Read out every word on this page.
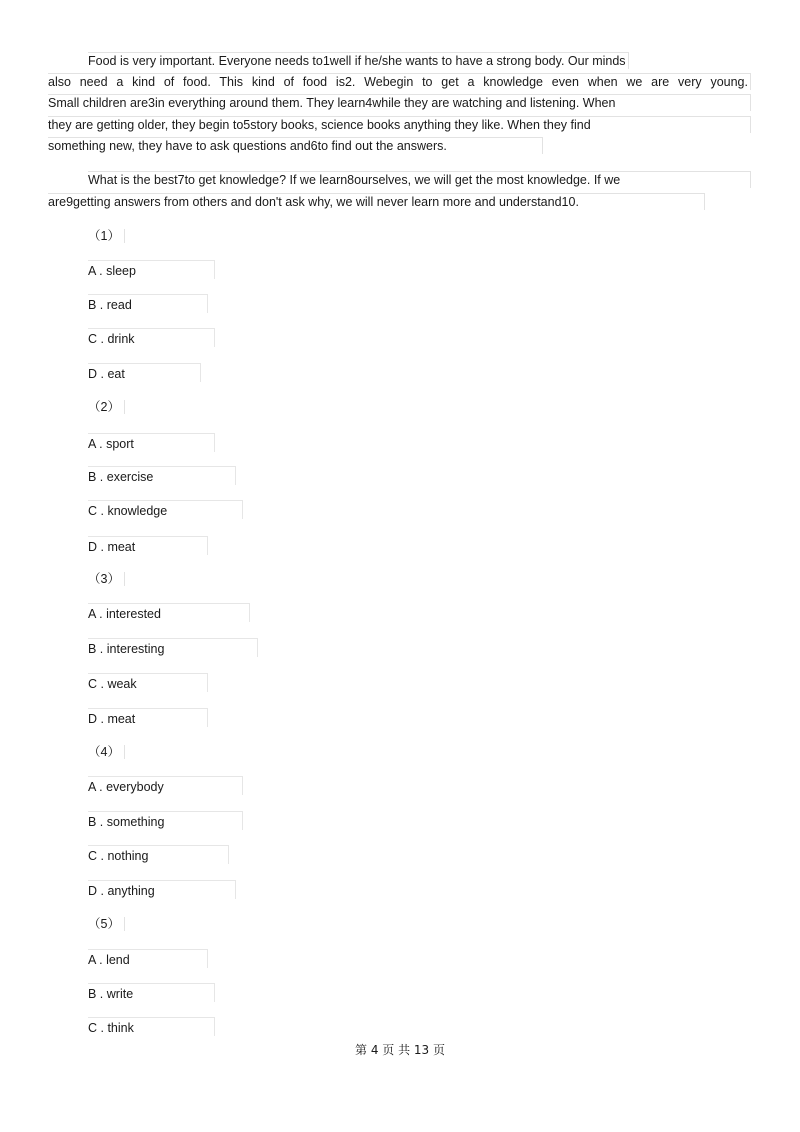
Food is very important. Everyone needs to1well if he/she wants to have a strong body. Our minds
also need a kind of food. This kind of food is2. Webegin to get a knowledge even when we are very young.
Small children are3in everything around them. They learn4while they are watching and listening. When
they are getting older, they begin to5story books, science books anything they like. When they find
something new, they have to ask questions and6to find out the answers.
What is the best7to get knowledge? If we learn8ourselves, we will get the most knowledge. If we
are9getting answers from others and don't ask why, we will never learn more and understand10.
（1）
A . sleep
B . read
C . drink
D . eat
（2）
A . sport
B . exercise
C . knowledge
D . meat
（3）
A . interested
B . interesting
C . weak
D . meat
（4）
A . everybody
B . something
C . nothing
D . anything
（5）
A . lend
B . write
C . think
第 4 页 共 13 页
